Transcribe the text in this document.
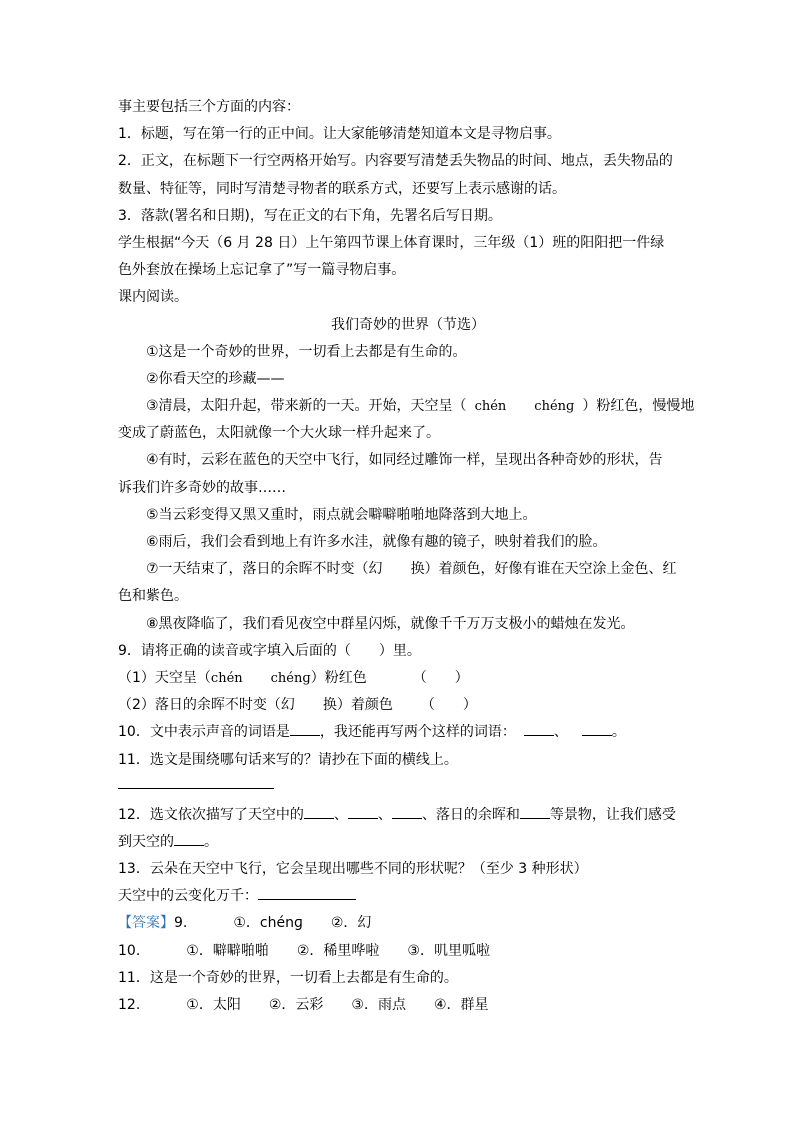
事主要包括三个方面的内容：
1．标题，写在第一行的正中间。让大家能够清楚知道本文是寻物启事。
2．正文，在标题下一行空两格开始写。内容要写清楚丢失物品的时间、地点，丢失物品的
数量、特征等，同时写清楚寻物者的联系方式，还要写上表示感谢的话。
3．落款(署名和日期)，写在正文的右下角，先署名后写日期。
学生根据“今天（6 月 28 日）上午第四节课上体育课时，三年级（1）班的阳阳把一件绿
色外套放在操场上忘记拿了”写一篇寻物启事。
课内阅读。
我们奇妙的世界（节选）
①这是一个奇妙的世界，一切看上去都是有生命的。
②你看天空的珍藏——
③清晨，太阳升起，带来新的一天。开始，天空呈（ chén chénɡ ）粉红色，慢慢地
变成了蔚蓝色，太阳就像一个大火球一样升起来了。
④有时，云彩在蓝色的天空中飞行，如同经过雕饰一样，呈现出各种奇妙的形状，告
诉我们许多奇妙的故事……
⑤当云彩变得又黑又重时，雨点就会噼噼啪啪地降落到大地上。
⑥雨后，我们会看到地上有许多水洼，就像有趣的镜子，映射着我们的脸。
⑦一天结束了，落日的余晖不时变（幻 换）着颜色，好像有谁在天空涂上金色、红
色和紫色。
⑧黑夜降临了，我们看见夜空中群星闪烁，就像千千万万支极小的蜡烛在发光。
9．请将正确的读音或字填入后面的（　　）里。
（1）天空呈（chén chénɡ）粉红色	（　　）
（2）落日的余晖不时变（幻 换）着颜色 （　　）
10．文中表示声音的词语是 ，我还能再写两个这样的词语：	、	。
11．选文是围绕哪句话来写的？请抄在下面的横线上。
12．选文依次描写了天空中的 、 、 、落日的余晖和 等景物，让我们感受
到天空的 。
13．云朵在天空中飞行，它会呈现出哪些不同的形状呢？（至少 3 种形状）
天空中的云变化万千：
【答案】9.	①．chénɡ ②．幻
10.	①．噼噼啪啪 ②．稀里哗啦 ③．叽里呱啦
11．这是一个奇妙的世界，一切看上去都是有生命的。
12.	①．太阳 ②．云彩 ③．雨点 ④．群星
